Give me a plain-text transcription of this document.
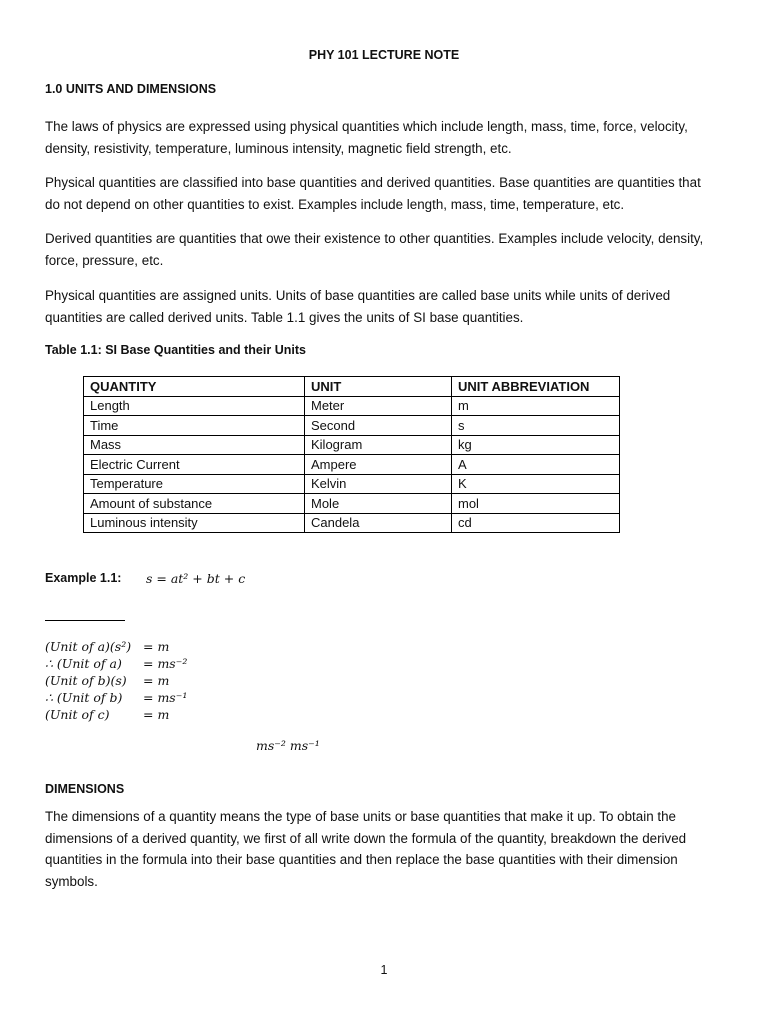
PHY 101 LECTURE NOTE

1.0 UNITS AND DIMENSIONS

The laws of physics are expressed using physical quantities which include length, mass, time, force, velocity, density, resistivity, temperature, luminous intensity, magnetic field strength, etc.

Physical quantities are classified into base quantities and derived quantities. Base quantities are quantities that do not depend on other quantities to exist. Examples include length, mass, time, temperature, etc.

Derived quantities are quantities that owe their existence to other quantities. Examples include velocity, density, force, pressure, etc.

Physical quantities are assigned units. Units of base quantities are called base units while units of derived quantities are called derived units. Table 1.1 gives the units of SI base quantities.

Table 1.1: SI Base Quantities and their Units

QUANTITY	UNIT	UNIT ABBREVIATION
Length	Meter	m
Time	Second	s
Mass	Kilogram	kg
Electric Current	Ampere	A
Temperature	Kelvin	K
Amount of substance	Mole	mol
Luminous intensity	Candela	cd

Example 1.1: s = at² + bt + c

(Unit of a)(s²) = m
∴ (Unit of a) = ms⁻²
(Unit of b)(s) = m
∴ (Unit of b) = ms⁻¹
(Unit of c)	= m

ms⁻² ms⁻¹

DIMENSIONS

The dimensions of a quantity means the type of base units or base quantities that make it up. To obtain the dimensions of a derived quantity, we first of all write down the formula of the quantity, breakdown the derived quantities in the formula into their base quantities and then replace the base quantities with their dimension symbols.

1
